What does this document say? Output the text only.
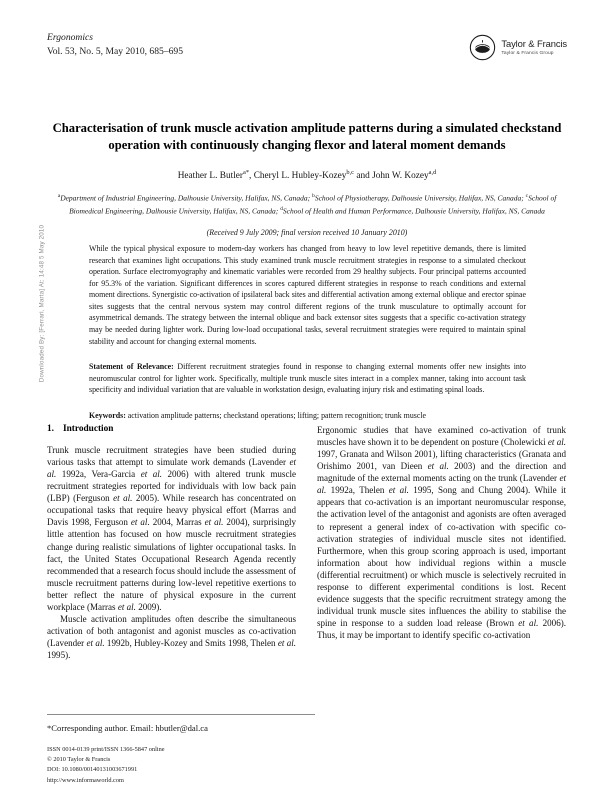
Downloaded By: [Ferrari, Marta] At: 14:48 5 May 2010
Ergonomics
Vol. 53, No. 5, May 2010, 685–695
Taylor & Francis
Taylor & Francis Group
Characterisation of trunk muscle activation amplitude patterns during a simulated checkstand operation with continuously changing flexor and lateral moment demands
Heather L. Butler$^{a*}$, Cheryl L. Hubley-Kozey$^{b,c}$ and John W. Kozey$^{a,d}$
$^a$Department of Industrial Engineering, Dalhousie University, Halifax, NS, Canada; $^b$School of Physiotherapy, Dalhousie University, Halifax, NS, Canada; $^c$School of Biomedical Engineering, Dalhousie University, Halifax, NS, Canada; $^d$School of Health and Human Performance, Dalhousie University, Halifax, NS, Canada
(Received 9 July 2009; final version received 10 January 2010)

While the typical physical exposure to modern-day workers has changed from heavy to low level repetitive demands, there is limited research that examines light occupations. This study examined trunk muscle recruitment strategies in response to a simulated checkout operation. Surface electromyography and kinematic variables were recorded from 29 healthy subjects. Four principal patterns accounted for 95.3% of the variation. Significant differences in scores captured different strategies in response to reach conditions and external moment directions. Synergistic co-activation of ipsilateral back sites and differential activation among external oblique and erector spinae sites suggests that the central nervous system may control different regions of the trunk musculature to optimally account for asymmetrical demands. The strategy between the internal oblique and back extensor sites suggests that a specific co-activation strategy may be needed during lighter work. During low-load occupational tasks, several recruitment strategies were required to maintain spinal stability and account for changing external moments.

Statement of Relevance: Different recruitment strategies found in response to changing external moments offer new insights into neuromuscular control for lighter work. Specifically, multiple trunk muscle sites interact in a complex manner, taking into account task specificity and individual variation that are valuable in workstation design, evaluating injury risk and estimating spinal loads.

Keywords: activation amplitude patterns; checkstand operations; lifting; pattern recognition; trunk muscle

1. Introduction

Trunk muscle recruitment strategies have been studied during various tasks that attempt to simulate work demands (Lavender et al. 1992a, Vera-Garcia et al. 2006) with altered trunk muscle recruitment strategies reported for individuals with low back pain (LBP) (Ferguson et al. 2005). While research has concentrated on occupational tasks that require heavy physical effort (Marras and Davis 1998, Ferguson et al. 2004, Marras et al. 2004), surprisingly little attention has focused on how muscle recruitment strategies change during realistic simulations of lighter occupational tasks. In fact, the United States Occupational Research Agenda recently recommended that a research focus should include the assessment of muscle recruitment patterns during low-level repetitive exertions to better reflect the nature of physical exposure in the current workplace (Marras et al. 2009).

Muscle activation amplitudes often describe the simultaneous activation of both antagonist and agonist muscles as co-activation (Lavender et al. 1992b, Hubley-Kozey and Smits 1998, Thelen et al. 1995).

Ergonomic studies that have examined co-activation of trunk muscles have shown it to be dependent on posture (Cholewicki et al. 1997, Granata and Wilson 2001), lifting characteristics (Granata and Orishimo 2001, van Dieen et al. 2003) and the direction and magnitude of the external moments acting on the trunk (Lavender et al. 1992a, Thelen et al. 1995, Song and Chung 2004). While it appears that co-activation is an important neuromuscular response, the activation level of the antagonist and agonists are often averaged to represent a general index of co-activation with specific co-activation strategies of individual muscle sites not identified. Furthermore, when this group scoring approach is used, important information about how individual regions within a muscle (differential recruitment) or which muscle is selectively recruited in response to different experimental conditions is lost. Recent evidence suggests that the specific recruitment strategy among the individual trunk muscle sites influences the ability to stabilise the spine in response to a sudden load release (Brown et al. 2006). Thus, it may be important to identify specific co-activation

*Corresponding author. Email: hbutler@dal.ca

ISSN 0014-0139 print/ISSN 1366-5847 online
© 2010 Taylor & Francis
DOI: 10.1080/00140131003671991
http://www.informaworld.com
